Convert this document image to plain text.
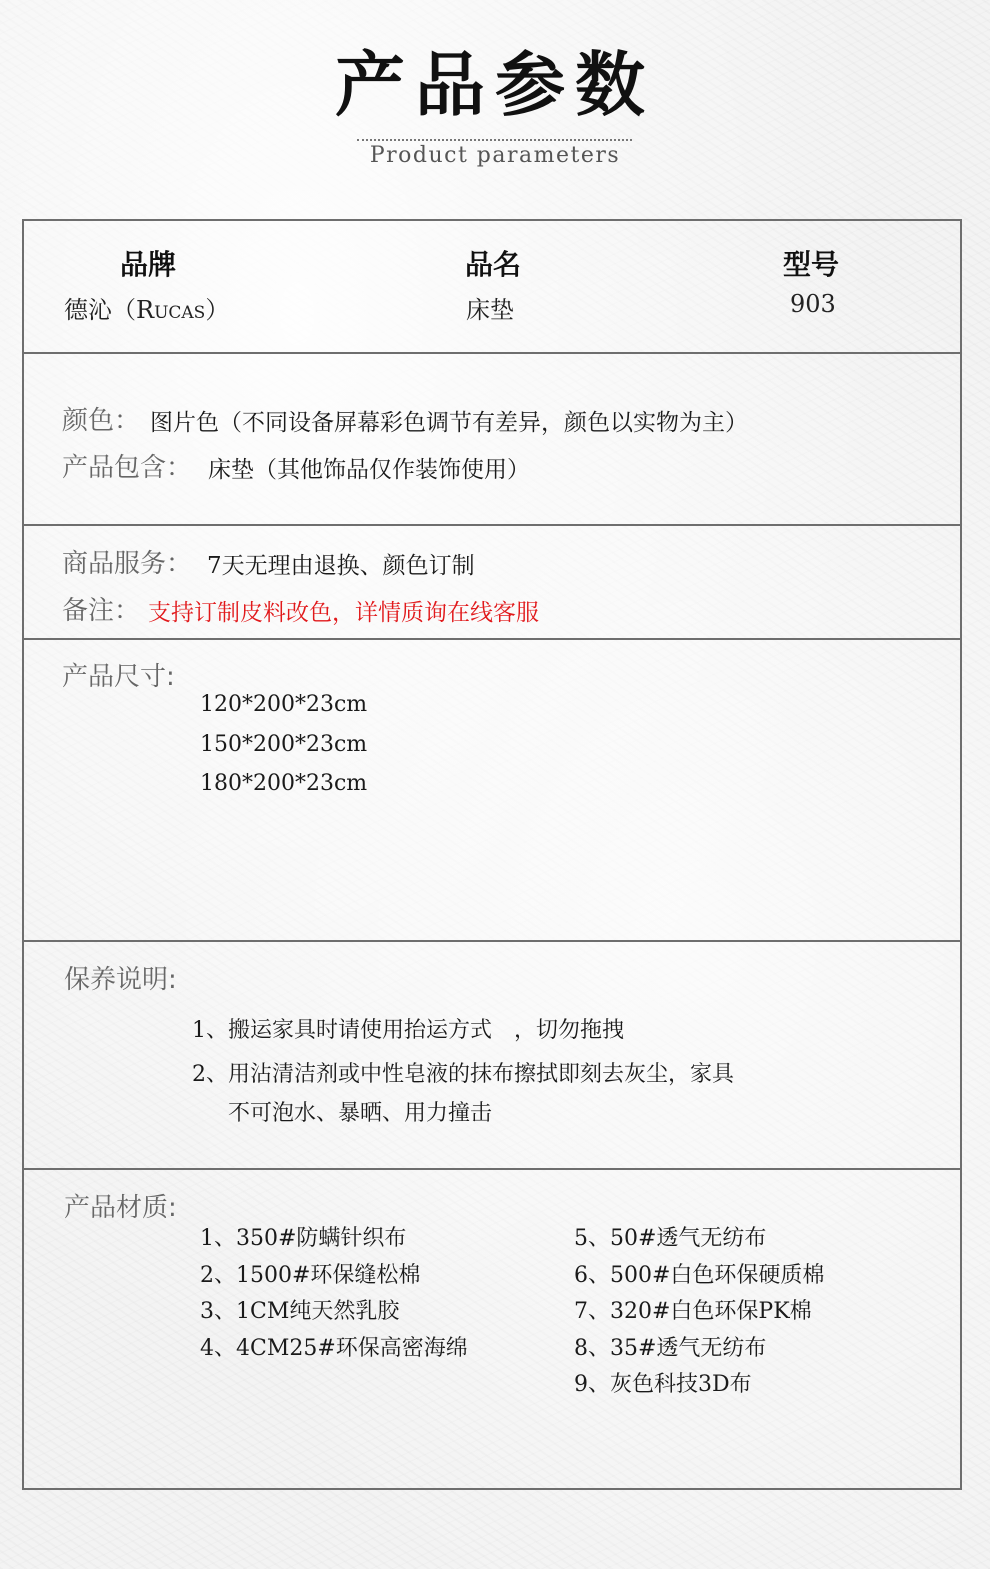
产品参数
Product parameters
品牌
德沁（Rucas）
品名
床垫
型号
903
颜色： 图片色（不同设备屏幕彩色调节有差异，颜色以实物为主）
产品包含： 床垫（其他饰品仅作装饰使用）
商品服务： 7天无理由退换、颜色订制
备注： 支持订制皮料改色，详情质询在线客服
产品尺寸:
120*200*23cm
150*200*23cm
180*200*23cm
保养说明:
1、搬运家具时请使用抬运方式　，切勿拖拽
2、用沾清洁剂或中性皂液的抹布擦拭即刻去灰尘，家具
不可泡水、暴晒、用力撞击
产品材质:
1、350#防螨针织布
2、1500#环保缝松棉
3、1CM纯天然乳胶
4、4CM25#环保高密海绵
5、50#透气无纺布
6、500#白色环保硬质棉
7、320#白色环保PK棉
8、35#透气无纺布
9、灰色科技3D布
